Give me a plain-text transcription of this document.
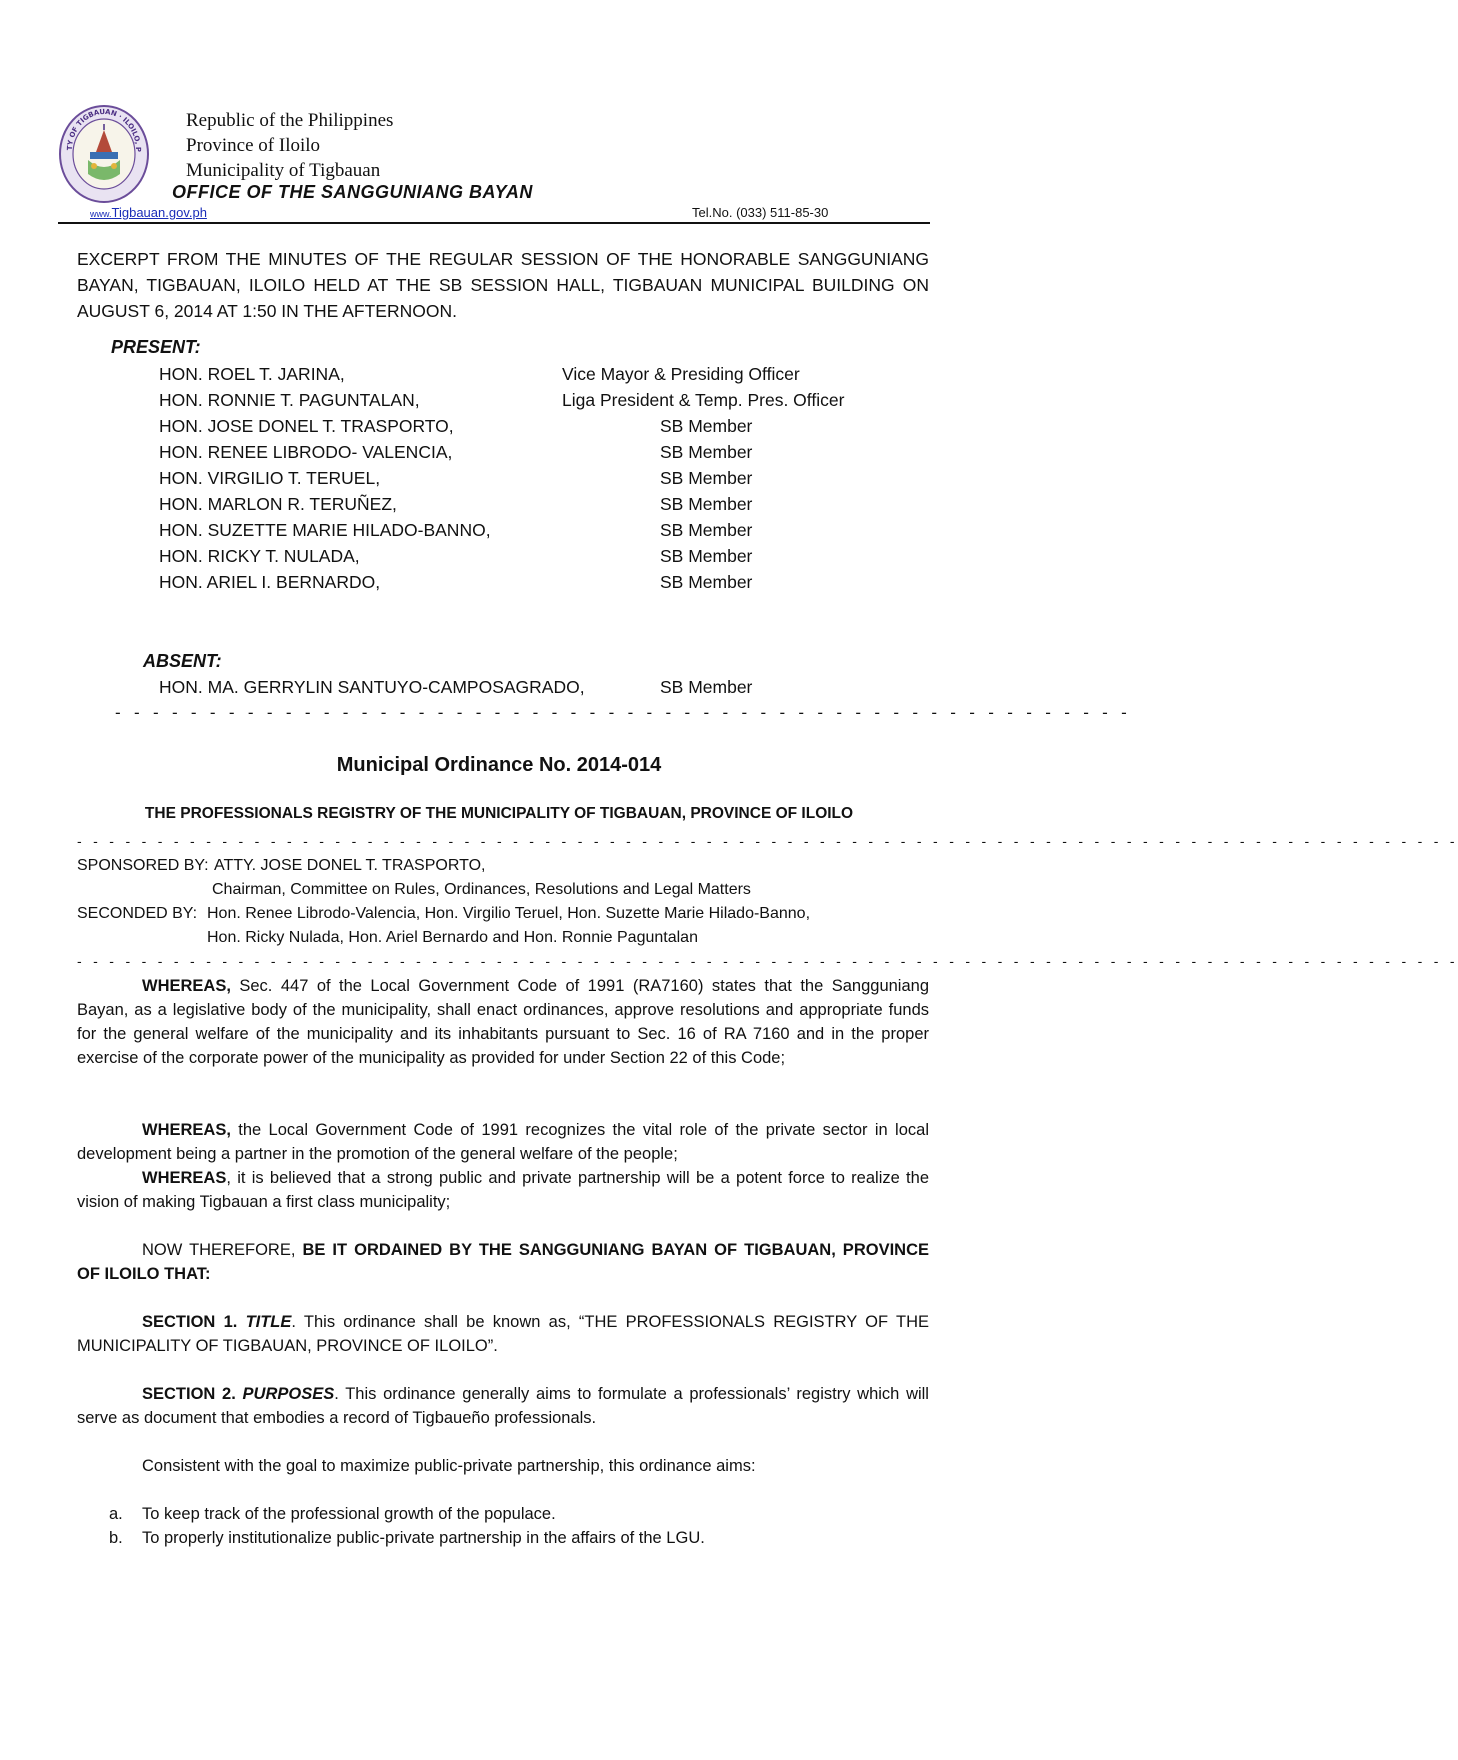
TY OF TIGBAUAN · ILOILO, P
Republic of the Philippines
Province of Iloilo
Municipality of Tigbauan
OFFICE OF THE SANGGUNIANG BAYAN
www.Tigbauan.gov.ph	Tel.No. (033) 511-85-30
EXCERPT FROM THE MINUTES OF THE REGULAR SESSION OF THE HONORABLE SANGGUNIANG BAYAN, TIGBAUAN, ILOILO HELD AT THE SB SESSION HALL, TIGBAUAN MUNICIPAL BUILDING ON AUGUST 6, 2014 AT 1:50 IN THE AFTERNOON.
PRESENT:
HON. ROEL T. JARINA,	Vice Mayor & Presiding Officer
HON. RONNIE T. PAGUNTALAN,	Liga President & Temp. Pres. Officer
HON. JOSE DONEL T. TRASPORTO,	SB Member
HON. RENEE LIBRODO- VALENCIA,	SB Member
HON. VIRGILIO T. TERUEL,	SB Member
HON. MARLON R. TERUÑEZ,	SB Member
HON. SUZETTE MARIE HILADO-BANNO,	SB Member
HON. RICKY T. NULADA,	SB Member
HON. ARIEL I. BERNARDO,	SB Member
ABSENT:
HON. MA. GERRYLIN SANTUYO-CAMPOSAGRADO,	SB Member
- - - - - - - - - - - - - - - - - - - - - - - - - - - - - - - - - - - - - - - - - - - - - - - - - - - - - -
Municipal Ordinance No. 2014-014
THE PROFESSIONALS REGISTRY OF THE MUNICIPALITY OF TIGBAUAN, PROVINCE OF ILOILO
- - - - - - - - - - - - - - - - - - - - - - - - - - - - - - - - - - - - - - - - - - - - - - - - - - - - - - - - - - - - - - - - - - - - - - - - - - - - - - - - - - - - - -
SPONSORED BY: ATTY. JOSE DONEL T. TRASPORTO,
Chairman, Committee on Rules, Ordinances, Resolutions and Legal Matters
SECONDED BY: Hon. Renee Librodo-Valencia, Hon. Virgilio Teruel, Hon. Suzette Marie Hilado-Banno,
Hon. Ricky Nulada, Hon. Ariel Bernardo and Hon. Ronnie Paguntalan
- - - - - - - - - - - - - - - - - - - - - - - - - - - - - - - - - - - - - - - - - - - - - - - - - - - - - - - - - - - - - - - - - - - - - - - - - - - - - - - - - - - - - -
WHEREAS, Sec. 447 of the Local Government Code of 1991 (RA7160) states that the Sangguniang Bayan, as a legislative body of the municipality, shall enact ordinances, approve resolutions and appropriate funds for the general welfare of the municipality and its inhabitants pursuant to Sec. 16 of RA 7160 and in the proper exercise of the corporate power of the municipality as provided for under Section 22 of this Code;
WHEREAS, the Local Government Code of 1991 recognizes the vital role of the private sector in local development being a partner in the promotion of the general welfare of the people;
WHEREAS, it is believed that a strong public and private partnership will be a potent force to realize the vision of making Tigbauan a first class municipality;
NOW THEREFORE, BE IT ORDAINED BY THE SANGGUNIANG BAYAN OF TIGBAUAN, PROVINCE OF ILOILO THAT:
SECTION 1. TITLE. This ordinance shall be known as, “THE PROFESSIONALS REGISTRY OF THE MUNICIPALITY OF TIGBAUAN, PROVINCE OF ILOILO”.
SECTION 2. PURPOSES. This ordinance generally aims to formulate a professionals’ registry which will serve as document that embodies a record of Tigbaueño professionals.
Consistent with the goal to maximize public-private partnership, this ordinance aims:
a.	To keep track of the professional growth of the populace.
b.	To properly institutionalize public-private partnership in the affairs of the LGU.
